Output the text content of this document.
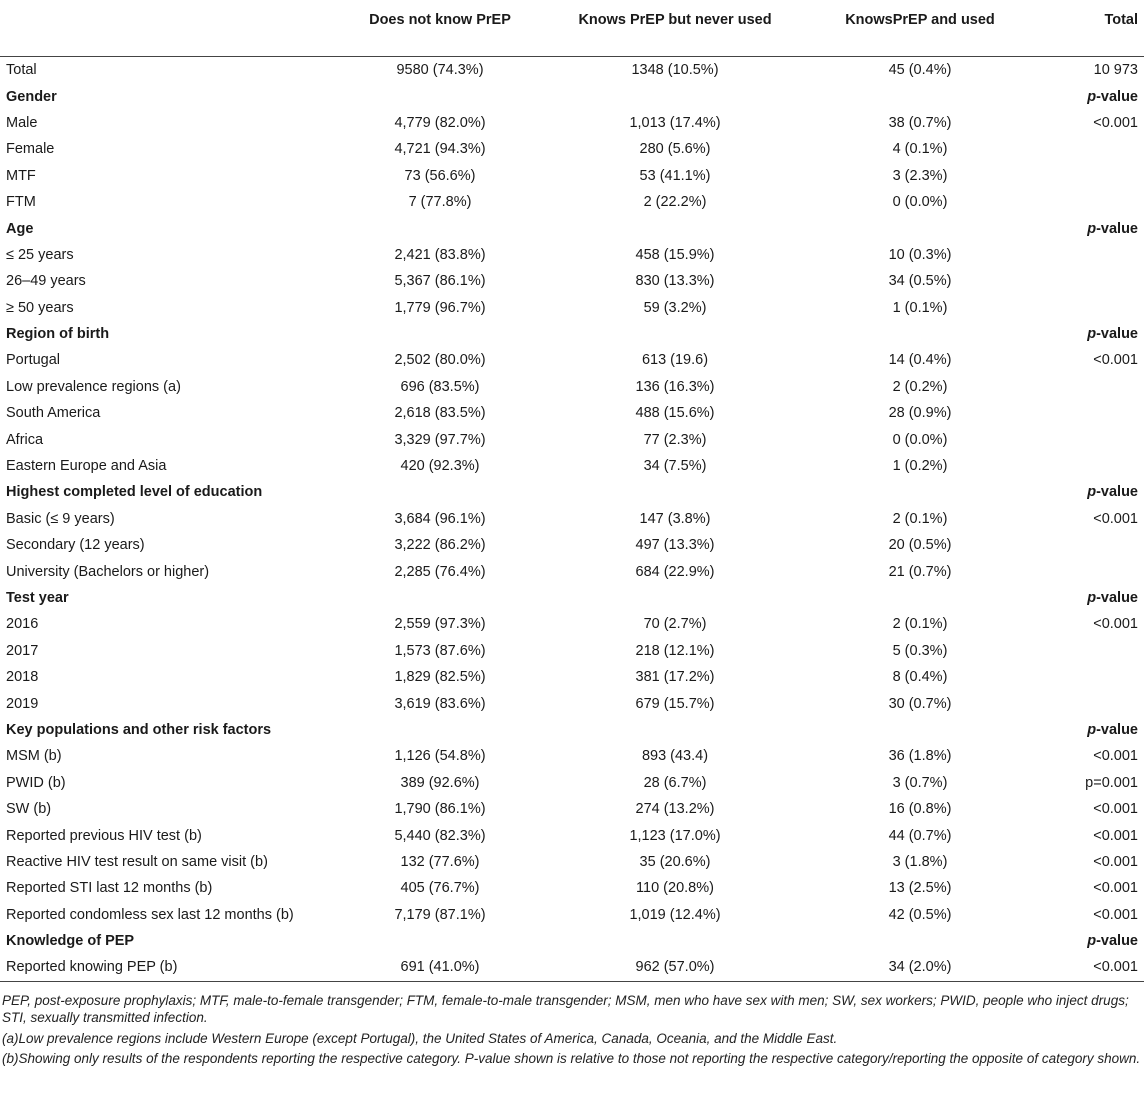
	Does not know PrEP	Knows PrEP but never used	KnowsPrEP and used	Total
Total	9580 (74.3%)	1348 (10.5%)	45 (0.4%)	10 973
Gender				p-value
Male	4,779 (82.0%)	1,013 (17.4%)	38 (0.7%)	<0.001
Female	4,721 (94.3%)	280 (5.6%)	4 (0.1%)	
MTF	73 (56.6%)	53 (41.1%)	3 (2.3%)	
FTM	7 (77.8%)	2 (22.2%)	0 (0.0%)	
Age				p-value
≤ 25 years	2,421 (83.8%)	458 (15.9%)	10 (0.3%)	
26–49 years	5,367 (86.1%)	830 (13.3%)	34 (0.5%)	
≥ 50 years	1,779 (96.7%)	59 (3.2%)	1 (0.1%)	
Region of birth				p-value
Portugal	2,502 (80.0%)	613 (19.6)	14 (0.4%)	<0.001
Low prevalence regions (a)	696 (83.5%)	136 (16.3%)	2 (0.2%)	
South America	2,618 (83.5%)	488 (15.6%)	28 (0.9%)	
Africa	3,329 (97.7%)	77 (2.3%)	0 (0.0%)	
Eastern Europe and Asia	420 (92.3%)	34 (7.5%)	1 (0.2%)	
Highest completed level of education				p-value
Basic (≤ 9 years)	3,684 (96.1%)	147 (3.8%)	2 (0.1%)	<0.001
Secondary (12 years)	3,222 (86.2%)	497 (13.3%)	20 (0.5%)	
University (Bachelors or higher)	2,285 (76.4%)	684 (22.9%)	21 (0.7%)	
Test year				p-value
2016	2,559 (97.3%)	70 (2.7%)	2 (0.1%)	<0.001
2017	1,573 (87.6%)	218 (12.1%)	5 (0.3%)	
2018	1,829 (82.5%)	381 (17.2%)	8 (0.4%)	
2019	3,619 (83.6%)	679 (15.7%)	30 (0.7%)	
Key populations and other risk factors				p-value
MSM (b)	1,126 (54.8%)	893 (43.4)	36 (1.8%)	<0.001
PWID (b)	389 (92.6%)	28 (6.7%)	3 (0.7%)	p=0.001
SW (b)	1,790 (86.1%)	274 (13.2%)	16 (0.8%)	<0.001
Reported previous HIV test (b)	5,440 (82.3%)	1,123 (17.0%)	44 (0.7%)	<0.001
Reactive HIV test result on same visit (b)	132 (77.6%)	35 (20.6%)	3 (1.8%)	<0.001
Reported STI last 12 months (b)	405 (76.7%)	110 (20.8%)	13 (2.5%)	<0.001
Reported condomless sex last 12 months (b)	7,179 (87.1%)	1,019 (12.4%)	42 (0.5%)	<0.001
Knowledge of PEP				p-value
Reported knowing PEP (b)	691 (41.0%)	962 (57.0%)	34 (2.0%)	<0.001

PEP, post-exposure prophylaxis; MTF, male-to-female transgender; FTM, female-to-male transgender; MSM, men who have sex with men; SW, sex workers; PWID, people who inject drugs; STI, sexually transmitted infection.

(a)Low prevalence regions include Western Europe (except Portugal), the United States of America, Canada, Oceania, and the Middle East.

(b)Showing only results of the respondents reporting the respective category. P-value shown is relative to those not reporting the respective category/reporting the opposite of category shown.
